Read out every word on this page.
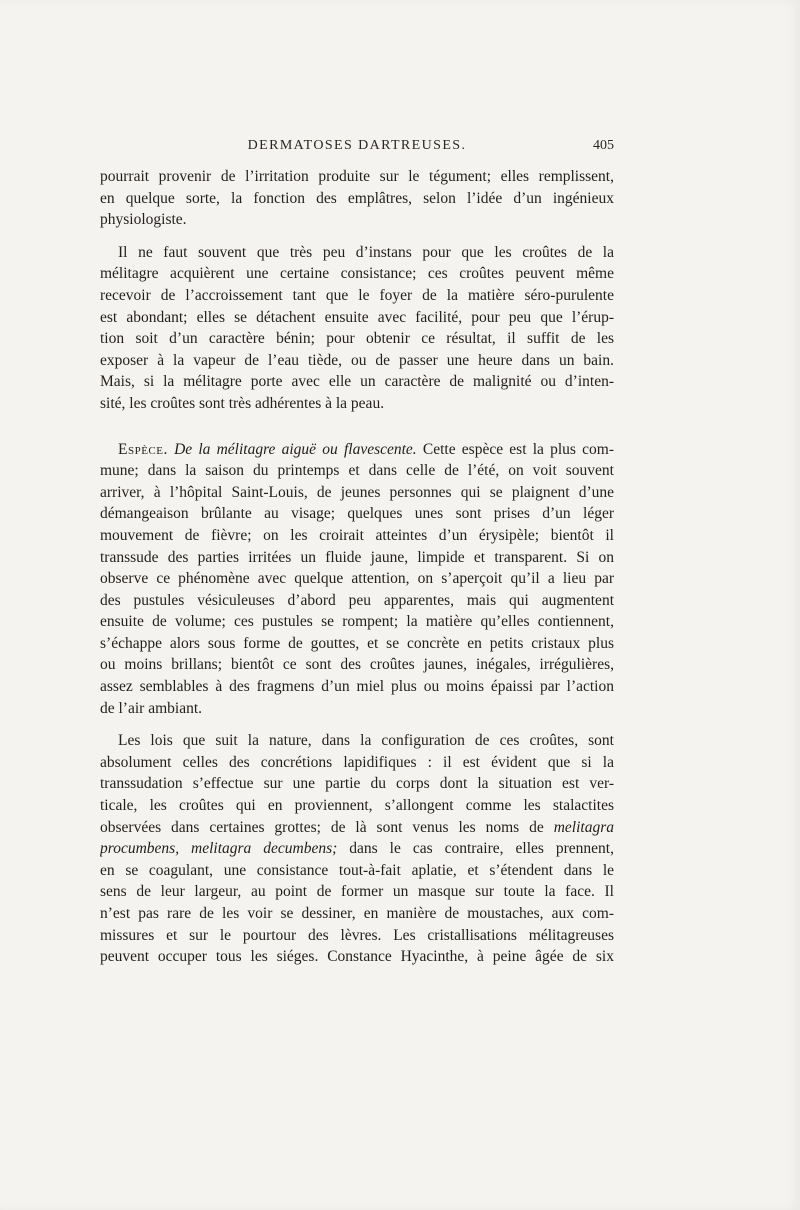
DERMATOSES DARTREUSES.	405
pourrait provenir de l’irritation produite sur le tégument; elles remplissent,
en quelque sorte, la fonction des emplâtres, selon l’idée d’un ingénieux
physiologiste.
Il ne faut souvent que très peu d’instans pour que les croûtes de la
mélitagre acquièrent une certaine consistance; ces croûtes peuvent même
recevoir de l’accroissement tant que le foyer de la matière séro-purulente
est abondant; elles se détachent ensuite avec facilité, pour peu que l’érup-
tion soit d’un caractère bénin; pour obtenir ce résultat, il suffit de les
exposer à la vapeur de l’eau tiède, ou de passer une heure dans un bain.
Mais, si la mélitagre porte avec elle un caractère de malignité ou d’inten-
sité, les croûtes sont très adhérentes à la peau.
Espèce. De la mélitagre aiguë ou flavescente. Cette espèce est la plus com-
mune; dans la saison du printemps et dans celle de l’été, on voit souvent
arriver, à l’hôpital Saint-Louis, de jeunes personnes qui se plaignent d’une
démangeaison brûlante au visage; quelques unes sont prises d’un léger
mouvement de fièvre; on les croirait atteintes d’un érysipèle; bientôt il
transsude des parties irritées un fluide jaune, limpide et transparent. Si on
observe ce phénomène avec quelque attention, on s’aperçoit qu’il a lieu par
des pustules vésiculeuses d’abord peu apparentes, mais qui augmentent
ensuite de volume; ces pustules se rompent; la matière qu’elles contiennent,
s’échappe alors sous forme de gouttes, et se concrète en petits cristaux plus
ou moins brillans; bientôt ce sont des croûtes jaunes, inégales, irrégulières,
assez semblables à des fragmens d’un miel plus ou moins épaissi par l’action
de l’air ambiant.
Les lois que suit la nature, dans la configuration de ces croûtes, sont
absolument celles des concrétions lapidifiques : il est évident que si la
transsudation s’effectue sur une partie du corps dont la situation est ver-
ticale, les croûtes qui en proviennent, s’allongent comme les stalactites
observées dans certaines grottes; de là sont venus les noms de melitagra
procumbens, melitagra decumbens; dans le cas contraire, elles prennent,
en se coagulant, une consistance tout-à-fait aplatie, et s’étendent dans le
sens de leur largeur, au point de former un masque sur toute la face. Il
n’est pas rare de les voir se dessiner, en manière de moustaches, aux com-
missures et sur le pourtour des lèvres. Les cristallisations mélitagreuses
peuvent occuper tous les siéges. Constance Hyacinthe, à peine âgée de six
